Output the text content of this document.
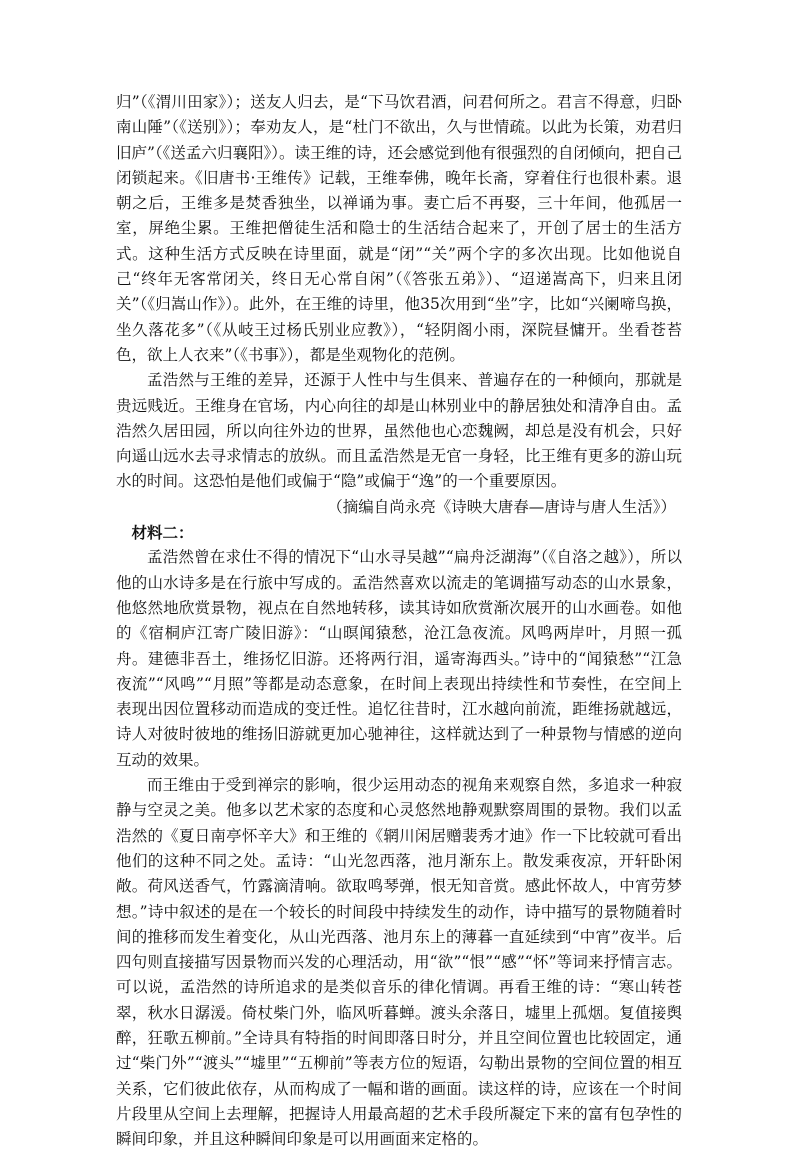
归”（《渭川田家》）；送友人归去，是“下马饮君酒，问君何所之。君言不得意，归卧南山陲”（《送别》）；奉劝友人，是“杜门不欲出，久与世情疏。以此为长策，劝君归旧庐”（《送孟六归襄阳》）。读王维的诗，还会感觉到他有很强烈的自闭倾向，把自己闭锁起来。《旧唐书·王维传》记载，王维奉佛，晚年长斋，穿着住行也很朴素。退朝之后，王维多是焚香独坐，以禅诵为事。妻亡后不再娶，三十年间，他孤居一室，屏绝尘累。王维把僧徒生活和隐士的生活结合起来了，开创了居士的生活方式。这种生活方式反映在诗里面，就是“闭”“关”两个字的多次出现。比如他说自己“终年无客常闭关，终日无心常自闲”（《答张五弟》）、“迢递嵩高下，归来且闭关”（《归嵩山作》）。此外，在王维的诗里，他35次用到“坐”字，比如“兴阑啼鸟换，坐久落花多”（《从岐王过杨氏别业应教》），“轻阴阁小雨，深院昼慵开。坐看苍苔色，欲上人衣来”（《书事》），都是坐观物化的范例。

孟浩然与王维的差异，还源于人性中与生俱来、普遍存在的一种倾向，那就是贵远贱近。王维身在官场，内心向往的却是山林别业中的静居独处和清净自由。孟浩然久居田园，所以向往外边的世界，虽然他也心恋魏阙，却总是没有机会，只好向遥山远水去寻求情志的放纵。而且孟浩然是无官一身轻，比王维有更多的游山玩水的时间。这恐怕是他们或偏于“隐”或偏于“逸”的一个重要原因。

（摘编自尚永亮《诗映大唐春—唐诗与唐人生活》）

材料二：

孟浩然曾在求仕不得的情况下“山水寻吴越”“扁舟泛湖海”（《自洛之越》），所以他的山水诗多是在行旅中写成的。孟浩然喜欢以流走的笔调描写动态的山水景象，他悠然地欣赏景物，视点在自然地转移，读其诗如欣赏渐次展开的山水画卷。如他的《宿桐庐江寄广陵旧游》：“山暝闻猿愁，沧江急夜流。风鸣两岸叶，月照一孤舟。建德非吾土，维扬忆旧游。还将两行泪，遥寄海西头。”诗中的“闻猿愁”“江急夜流”“风鸣”“月照”等都是动态意象，在时间上表现出持续性和节奏性，在空间上表现出因位置移动而造成的变迁性。追忆往昔时，江水越向前流，距维扬就越远，诗人对彼时彼地的维扬旧游就更加心驰神往，这样就达到了一种景物与情感的逆向互动的效果。

而王维由于受到禅宗的影响，很少运用动态的视角来观察自然，多追求一种寂静与空灵之美。他多以艺术家的态度和心灵悠然地静观默察周围的景物。我们以孟浩然的《夏日南亭怀辛大》和王维的《辋川闲居赠裴秀才迪》作一下比较就可看出他们的这种不同之处。孟诗：“山光忽西落，池月渐东上。散发乘夜凉，开轩卧闲敞。荷风送香气，竹露滴清响。欲取鸣琴弹，恨无知音赏。感此怀故人，中宵劳梦想。”诗中叙述的是在一个较长的时间段中持续发生的动作，诗中描写的景物随着时间的推移而发生着变化，从山光西落、池月东上的薄暮一直延续到“中宵”夜半。后四句则直接描写因景物而兴发的心理活动，用“欲”“恨”“感”“怀”等词来抒情言志。可以说，孟浩然的诗所追求的是类似音乐的律化情调。再看王维的诗：“寒山转苍翠，秋水日潺湲。倚杖柴门外，临风听暮蝉。渡头余落日，墟里上孤烟。复值接舆醉，狂歌五柳前。”全诗具有特指的时间即落日时分，并且空间位置也比较固定，通过“柴门外”“渡头”“墟里”“五柳前”等表方位的短语，勾勒出景物的空间位置的相互关系，它们彼此依存，从而构成了一幅和谐的画面。读这样的诗，应该在一个时间片段里从空间上去理解，把握诗人用最高超的艺术手段所凝定下来的富有包孕性的瞬间印象，并且这种瞬间印象是可以用画面来定格的。
